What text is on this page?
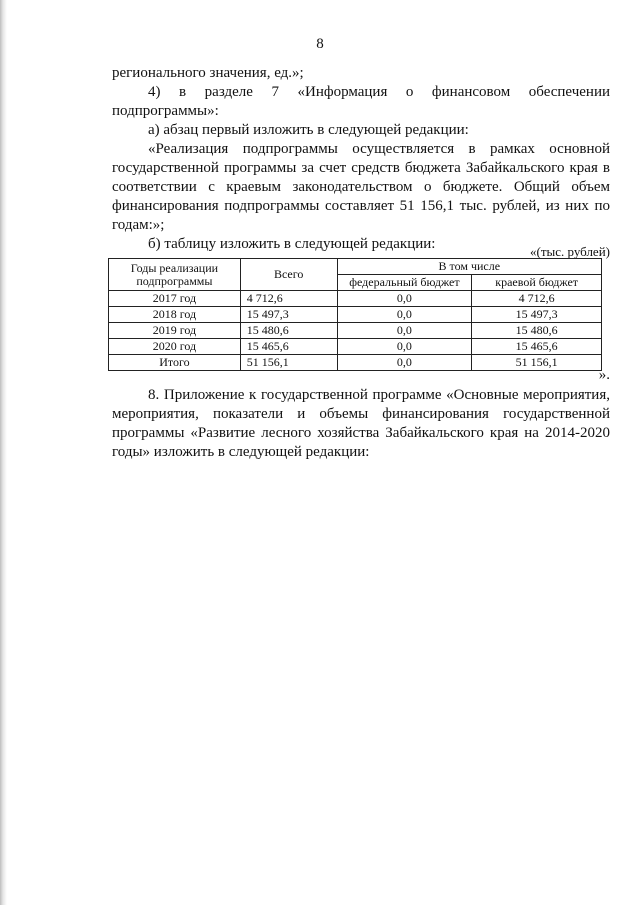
8

регионального значения, ед.»;

4) в разделе 7 «Информация о финансовом обеспечении подпрограммы»:

а) абзац первый изложить в следующей редакции:

«Реализация подпрограммы осуществляется в рамках основной государственной программы за счет средств бюджета Забайкальского края в соответствии с краевым законодательством о бюджете. Общий объем финансирования подпрограммы составляет 51 156,1 тыс. рублей, из них по годам:»;

б) таблицу изложить в следующей редакции:	«(тыс. рублей)
Годы реализации подпрограммы	Всего	В том числе	
		федеральный бюджет	краевой бюджет
2017 год	4 712,6	0,0	4 712,6
2018 год	15 497,3	0,0	15 497,3
2019 год	15 480,6	0,0	15 480,6
2020 год	15 465,6	0,0	15 465,6
Итого	51 156,1	0,0	51 156,1
».

8. Приложение к государственной программе «Основные мероприятия, мероприятия, показатели и объемы финансирования государственной программы «Развитие лесного хозяйства Забайкальского края на 2014-2020 годы» изложить в следующей редакции:
